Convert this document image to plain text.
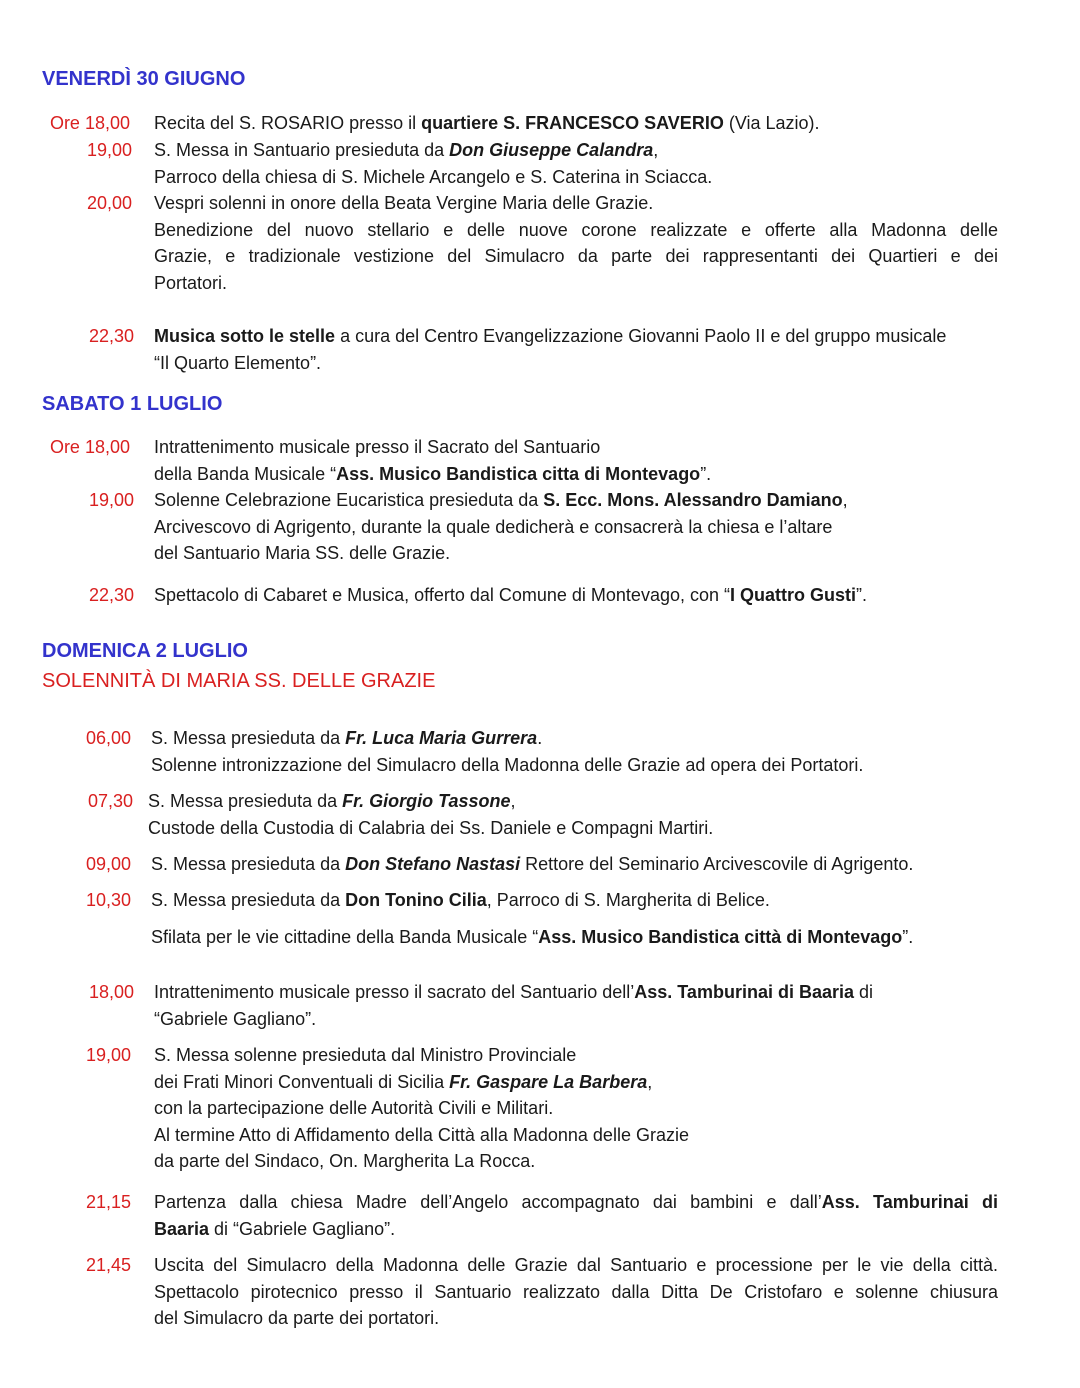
VENERDÌ 30 GIUGNO
Ore 18,00 Recita del S. ROSARIO presso il quartiere S. FRANCESCO SAVERIO (Via Lazio).
19,00 S. Messa in Santuario presieduta da Don Giuseppe Calandra,
Parroco della chiesa di S. Michele Arcangelo e S. Caterina in Sciacca.
20,00 Vespri solenni in onore della Beata Vergine Maria delle Grazie.
Benedizione del nuovo stellario e delle nuove corone realizzate e offerte alla Madonna delle
Grazie, e tradizionale vestizione del Simulacro da parte dei rappresentanti dei Quartieri e dei
Portatori.
22,30 Musica sotto le stelle a cura del Centro Evangelizzazione Giovanni Paolo II e del gruppo musicale
“Il Quarto Elemento”.
SABATO 1 LUGLIO
Ore 18,00 Intrattenimento musicale presso il Sacrato del Santuario
della Banda Musicale “Ass. Musico Bandistica citta di Montevago”.
19,00 Solenne Celebrazione Eucaristica presieduta da S. Ecc. Mons. Alessandro Damiano,
Arcivescovo di Agrigento, durante la quale dedicherà e consacrerà la chiesa e l’altare
del Santuario Maria SS. delle Grazie.
22,30 Spettacolo di Cabaret e Musica, offerto dal Comune di Montevago, con “I Quattro Gusti”.
DOMENICA 2 LUGLIO
SOLENNITÀ DI MARIA SS. DELLE GRAZIE
06,00 S. Messa presieduta da Fr. Luca Maria Gurrera.
Solenne intronizzazione del Simulacro della Madonna delle Grazie ad opera dei Portatori.
07,30 S. Messa presieduta da Fr. Giorgio Tassone,
Custode della Custodia di Calabria dei Ss. Daniele e Compagni Martiri.
09,00 S. Messa presieduta da Don Stefano Nastasi Rettore del Seminario Arcivescovile di Agrigento.
10,30 S. Messa presieduta da Don Tonino Cilia, Parroco di S. Margherita di Belice.
Sfilata per le vie cittadine della Banda Musicale “Ass. Musico Bandistica città di Montevago”.
18,00 Intrattenimento musicale presso il sacrato del Santuario dell’Ass. Tamburinai di Baaria di
“Gabriele Gagliano”.
19,00 S. Messa solenne presieduta dal Ministro Provinciale
dei Frati Minori Conventuali di Sicilia Fr. Gaspare La Barbera,
con la partecipazione delle Autorità Civili e Militari.
Al termine Atto di Affidamento della Città alla Madonna delle Grazie
da parte del Sindaco, On. Margherita La Rocca.
21,15 Partenza dalla chiesa Madre dell’Angelo accompagnato dai bambini e dall’Ass. Tamburinai di
Baaria di “Gabriele Gagliano”.
21,45 Uscita del Simulacro della Madonna delle Grazie dal Santuario e processione per le vie della città.
Spettacolo pirotecnico presso il Santuario realizzato dalla Ditta De Cristofaro e solenne chiusura
del Simulacro da parte dei portatori.
